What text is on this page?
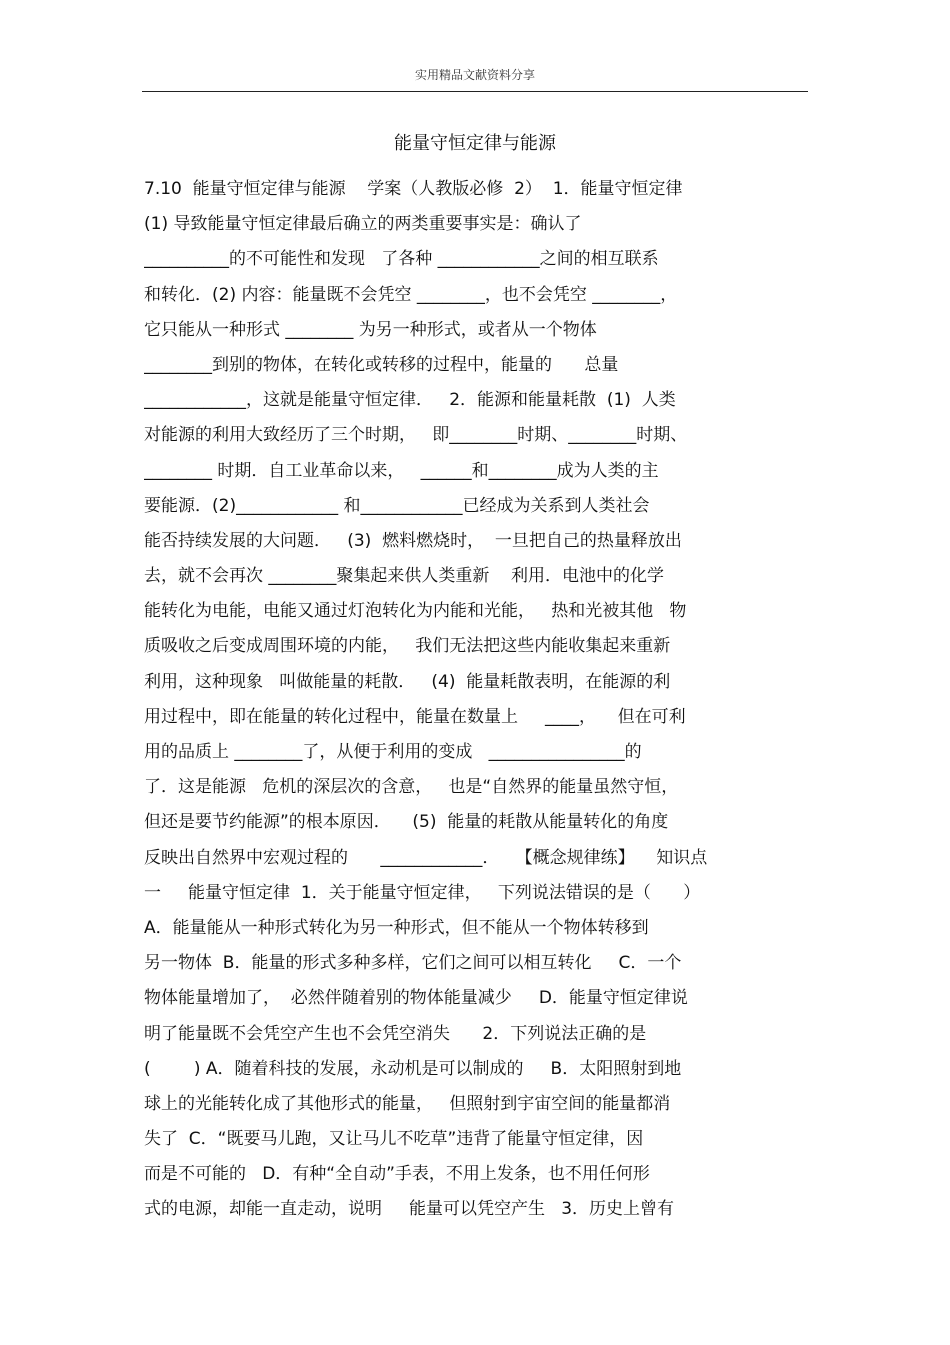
实用精品文献资料分享
能量守恒定律与能源
7.10  能量守恒定律与能源    学案（人教版必修  2）  1．能量守恒定律
(1) 导致能量守恒定律最后确立的两类重要事实是：确认了
__________的不可能性和发现   了各种 ____________之间的相互联系
和转化．(2) 内容：能量既不会凭空 ________，也不会凭空 ________，
它只能从一种形式 ________ 为另一种形式，或者从一个物体
________到别的物体，在转化或转移的过程中，能量的      总量
____________，这就是能量守恒定律．   2．能源和能量耗散  (1)  人类
对能源的利用大致经历了三个时期，   即________时期、________时期、
________ 时期．自工业革命以来，   ______和________成为人类的主
要能源．(2)____________ 和____________已经成为关系到人类社会
能否持续发展的大问题．   (3)  燃料燃烧时，  一旦把自己的热量释放出
去，就不会再次 ________聚集起来供人类重新    利用．电池中的化学
能转化为电能，电能又通过灯泡转化为内能和光能，   热和光被其他   物
质吸收之后变成周围环境的内能，   我们无法把这些内能收集起来重新
利用，这种现象   叫做能量的耗散．   (4)  能量耗散表明，在能源的利
用过程中，即在能量的转化过程中，能量在数量上     ____，    但在可利
用的品质上 ________了，从便于利用的变成   ________________的
了．这是能源   危机的深层次的含意，   也是“自然界的能量虽然守恒，
但还是要节约能源”的根本原因．    (5)  能量的耗散从能量转化的角度
反映出自然界中宏观过程的      ____________．   【概念规律练】    知识点
一     能量守恒定律  1．关于能量守恒定律，   下列说法错误的是（      ）
A．能量能从一种形式转化为另一种形式，但不能从一个物体转移到
另一物体  B．能量的形式多种多样，它们之间可以相互转化     C．一个
物体能量增加了，  必然伴随着别的物体能量减少     D．能量守恒定律说
明了能量既不会凭空产生也不会凭空消失      2．下列说法正确的是
(        ) A．随着科技的发展，永动机是可以制成的     B．太阳照射到地
球上的光能转化成了其他形式的能量，   但照射到宇宙空间的能量都消
失了  C．“既要马儿跑，又让马儿不吃草”违背了能量守恒定律，因
而是不可能的   D．有种“全自动”手表，不用上发条，也不用任何形
式的电源，却能一直走动，说明     能量可以凭空产生   3．历史上曾有
